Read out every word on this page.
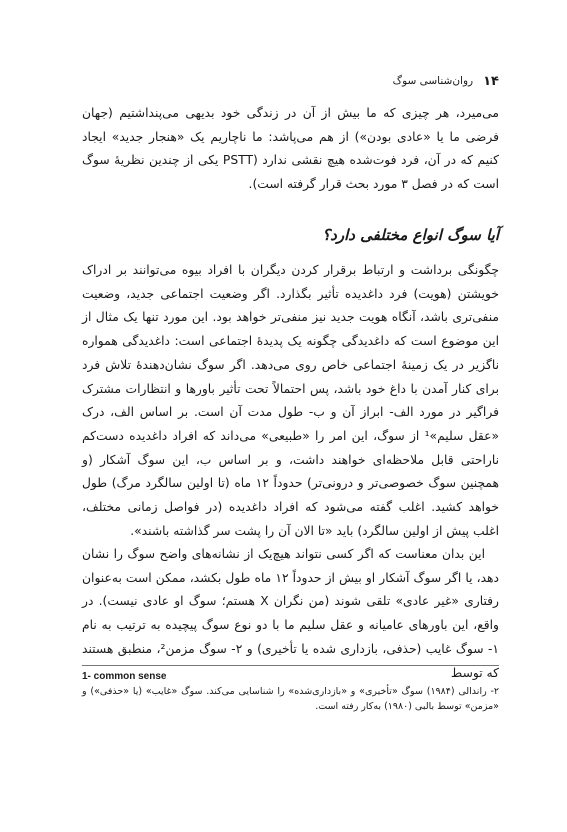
۱۴
روان‌شناسی سوگ

می‌میرد، هر چیزی که ما بیش از آن در زندگی خود بدیهی می‌پنداشتیم (جهان فرضی ما یا «عادی بودن») از هم می‌پاشد: ما ناچاریم یک «هنجار جدید» ایجاد کنیم که در آن، فرد فوت‌شده هیچ نقشی ندارد (PSTT یکی از چندین نظریهٔ سوگ است که در فصل ۳ مورد بحث قرار گرفته است).

آیا سوگ انواع مختلفی دارد؟

چگونگی برداشت و ارتباط برقرار کردن دیگران با افراد بیوه می‌توانند بر ادراک خویشتن (هویت) فرد داغدیده تأثیر بگذارد. اگر وضعیت اجتماعی جدید، وضعیت منفی‌تری باشد، آنگاه هویت جدید نیز منفی‌تر خواهد بود. این مورد تنها یک مثال از این موضوع است که داغدیدگی چگونه یک پدیدهٔ اجتماعی است: داغدیدگی همواره ناگزیر در یک زمینهٔ اجتماعی خاص روی می‌دهد. اگر سوگ نشان‌دهندهٔ تلاش فرد برای کنار آمدن با داغ خود باشد، پس احتمالاً تحت تأثیر باورها و انتظارات مشترک فراگیر در مورد الف- ابراز آن و ب- طول مدت آن است. بر اساس الف، درک «عقل سلیم»¹ از سوگ، این امر را «طبیعی» می‌داند که افراد داغدیده دست‌کم ناراحتی قابل ملاحظه‌ای خواهند داشت، و بر اساس ب، این سوگ آشکار (و همچنین سوگ خصوصی‌تر و درونی‌تر) حدوداً ۱۲ ماه (تا اولین سالگرد مرگ) طول خواهد کشید. اغلب گفته می‌شود که افراد داغدیده (در فواصل زمانی مختلف، اغلب پیش از اولین سالگرد) باید «تا الان آن را پشت سر گذاشته باشند».

این بدان معناست که اگر کسی نتواند هیچ‌یک از نشانه‌های واضح سوگ را نشان دهد، یا اگر سوگ آشکار او بیش از حدوداً ۱۲ ماه طول بکشد، ممکن است به‌عنوان رفتاری «غیر عادی» تلقی شوند (من نگران X هستم؛ سوگ او عادی نیست). در واقع، این باورهای عامیانه و عقل سلیم ما با دو نوع سوگ پیچیده به ترتیب به نام ۱- سوگ غایب (حذفی، بازداری شده یا تأخیری) و ۲- سوگ مزمن²، منطبق هستند که توسط

1- common sense
۲- راندالی (۱۹۸۴) سوگ «تأخیری» و «بازداری‌شده» را شناسایی می‌کند. سوگ «غایب» (یا «حذفی») و «مزمن» توسط بالبی (۱۹۸۰) به‌کار رفته است.
